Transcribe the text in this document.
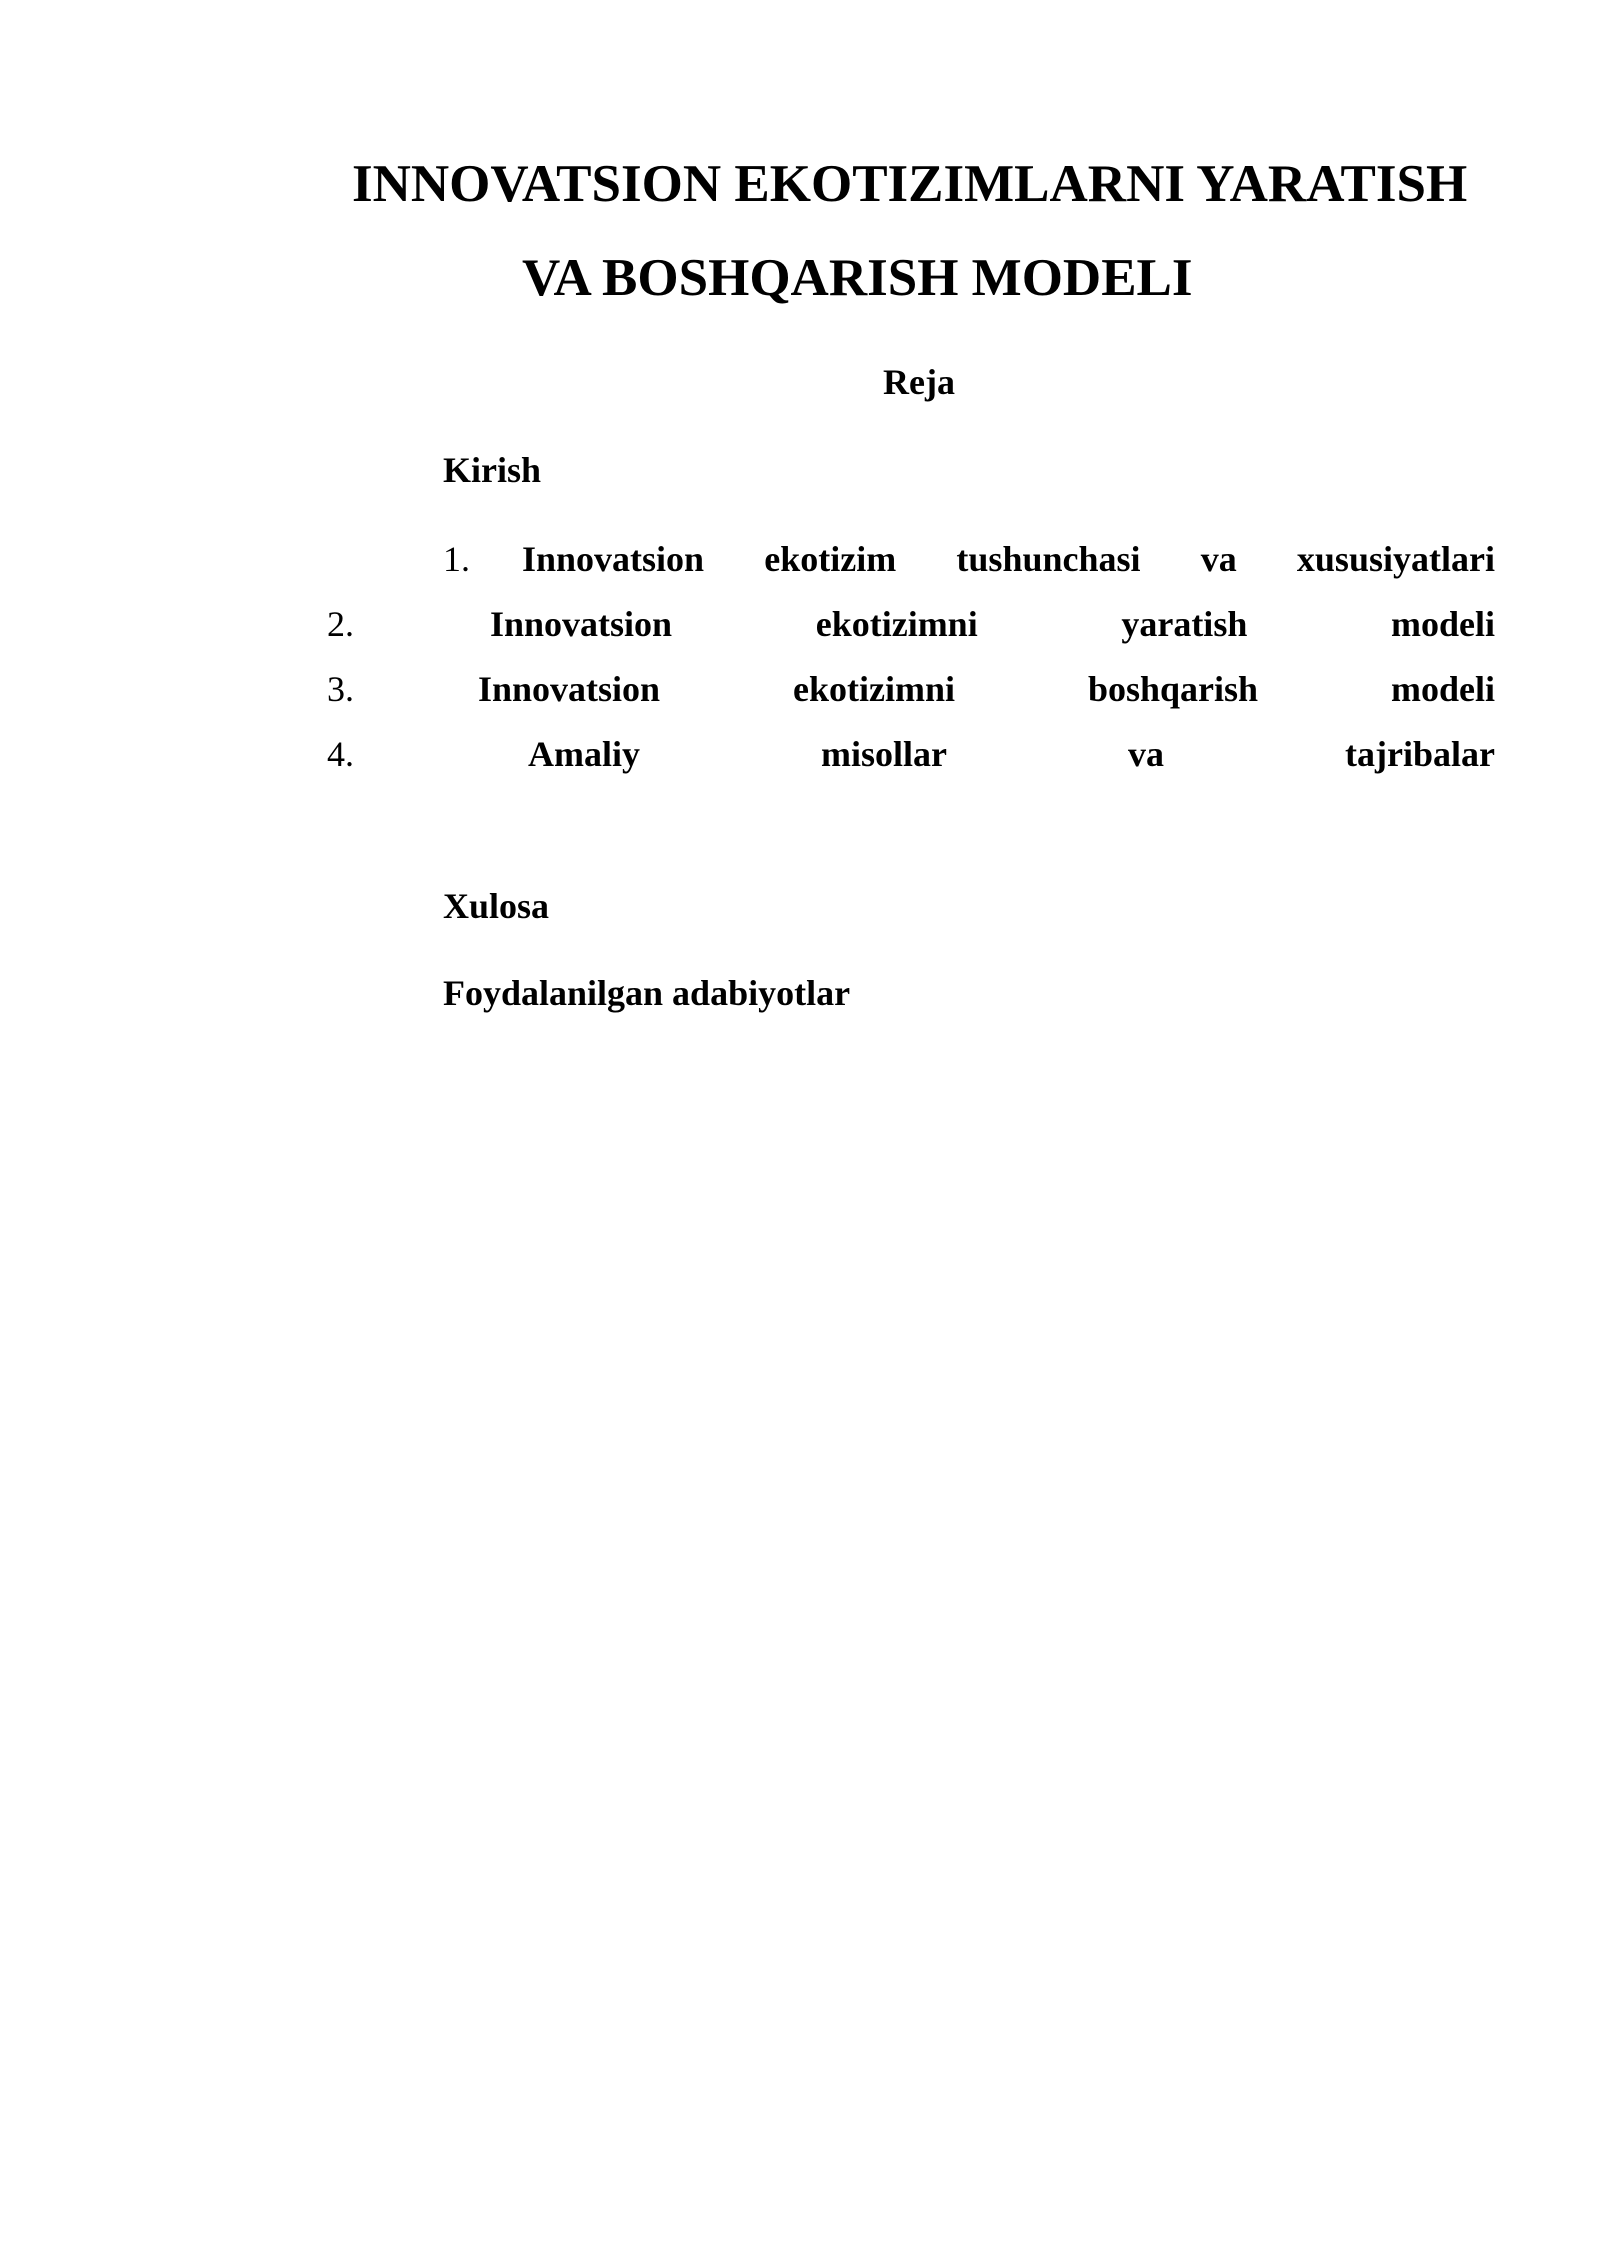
INNOVATSION EKOTIZIMLARNI YARATISH
VA BOSHQARISH MODELI
Reja
Kirish
1. Innovatsion ekotizim tushunchasi va xususiyatlari
2.	Innovatsion	ekotizimni	yaratish	modeli
3.	Innovatsion	ekotizimni	boshqarish	modeli
4.	Amaliy	misollar	va	tajribalar
Xulosa
Foydalanilgan adabiyotlar
